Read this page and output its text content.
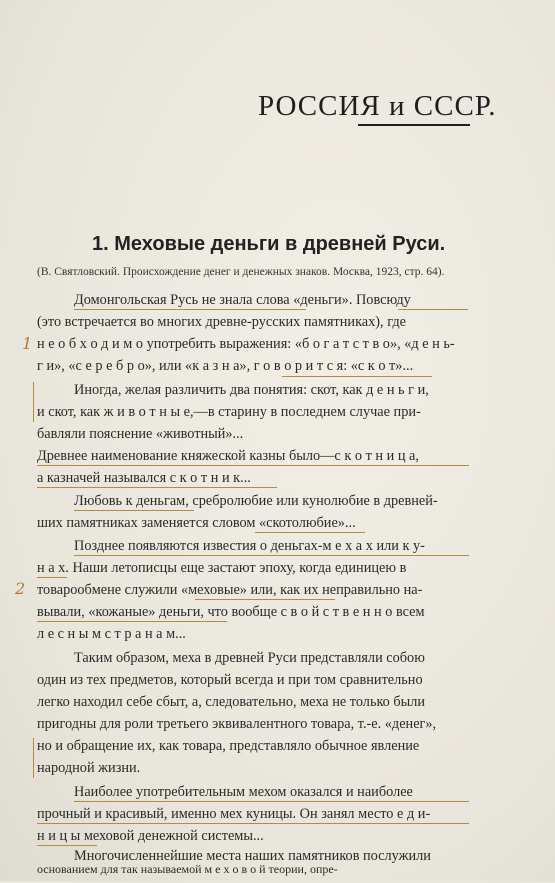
РОССИЯ и СССР.
1. Меховые деньги в древней Руси.
(В. Святловский. Происхождение денег и денежных знаков. Москва, 1923, стр. 64).
Домонгольская Русь не знала слова «деньги». Повсюду
(это встречается во многих древне-русских памятниках), где
н е о б х о д и м о употребить выражения: «б о г а т с т в о», «д е н ь-
г и», «с е р е б р о», или «к а з н а», г о в о р и т с я: «с к о т»...
Иногда, желая различить два понятия: скот, как д е н ь г и,
и скот, как ж и в о т н ы е,—в старину в последнем случае при-
бавляли пояснение «животный»...
Древнее наименование княжеской казны было—с к о т н и ц а,
а казначей назывался с к о т н и к...
Любовь к деньгам, сребролюбие или кунолюбие в древней-
ших памятниках заменяется словом «скотолюбие»...
Позднее появляются известия о деньгах-м е х а х или к у-
н а х. Наши летописцы еще застают эпоху, когда единицею в
товарообмене служили «меховые» или, как их неправильно на-
вывали, «кожаные» деньги, что вообще с в о й с т в е н н о всем
л е с н ы м с т р а н а м...
Таким образом, меха в древней Руси представляли собою
один из тех предметов, который всегда и при том сравнительно
легко находил себе сбыт, а, следовательно, меха не только были
пригодны для роли третьего эквивалентного товара, т.-е. «денег»,
но и обращение их, как товара, представляло обычное явление
народной жизни.
Наиболее употребительным мехом оказался и наиболее
прочный и красивый, именно мех куницы. Он занял место е д и-
н и ц ы меховой денежной системы...
Многочисленнейшие места наших памятников послужили
основанием для так называемой м е х о в о й теории, опре-
1
2
